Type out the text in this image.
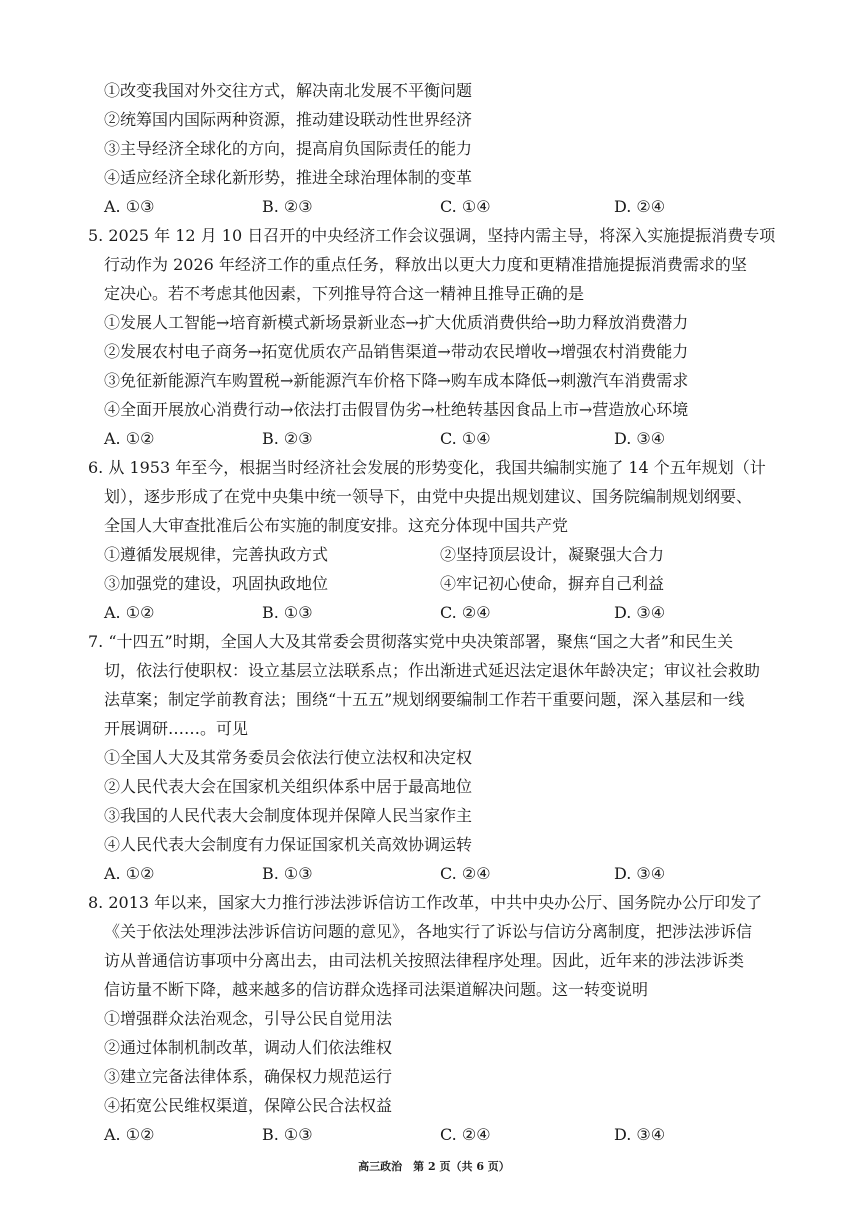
①改变我国对外交往方式，解决南北发展不平衡问题
②统筹国内国际两种资源，推动建设联动性世界经济
③主导经济全球化的方向，提高肩负国际责任的能力
④适应经济全球化新形势，推进全球治理体制的变革
A. ①③	B. ②③	C. ①④	D. ②④
5. 2025 年 12 月 10 日召开的中央经济工作会议强调，坚持内需主导，将深入实施提振消费专项
行动作为 2026 年经济工作的重点任务，释放出以更大力度和更精准措施提振消费需求的坚
定决心。若不考虑其他因素，下列推导符合这一精神且推导正确的是
①发展人工智能→培育新模式新场景新业态→扩大优质消费供给→助力释放消费潜力
②发展农村电子商务→拓宽优质农产品销售渠道→带动农民增收→增强农村消费能力
③免征新能源汽车购置税→新能源汽车价格下降→购车成本降低→刺激汽车消费需求
④全面开展放心消费行动→依法打击假冒伪劣→杜绝转基因食品上市→营造放心环境
A. ①②	B. ②③	C. ①④	D. ③④
6. 从 1953 年至今，根据当时经济社会发展的形势变化，我国共编制实施了 14 个五年规划（计
划），逐步形成了在党中央集中统一领导下，由党中央提出规划建议、国务院编制规划纲要、
全国人大审查批准后公布实施的制度安排。这充分体现中国共产党
①遵循发展规律，完善执政方式	②坚持顶层设计，凝聚强大合力
③加强党的建设，巩固执政地位	④牢记初心使命，摒弃自己利益
A. ①②	B. ①③	C. ②④	D. ③④
7. “十四五”时期，全国人大及其常委会贯彻落实党中央决策部署，聚焦“国之大者”和民生关
切，依法行使职权：设立基层立法联系点；作出渐进式延迟法定退休年龄决定；审议社会救助
法草案；制定学前教育法；围绕“十五五”规划纲要编制工作若干重要问题，深入基层和一线
开展调研……。可见
①全国人大及其常务委员会依法行使立法权和决定权
②人民代表大会在国家机关组织体系中居于最高地位
③我国的人民代表大会制度体现并保障人民当家作主
④人民代表大会制度有力保证国家机关高效协调运转
A. ①②	B. ①③	C. ②④	D. ③④
8. 2013 年以来，国家大力推行涉法涉诉信访工作改革，中共中央办公厅、国务院办公厅印发了
《关于依法处理涉法涉诉信访问题的意见》，各地实行了诉讼与信访分离制度，把涉法涉诉信
访从普通信访事项中分离出去，由司法机关按照法律程序处理。因此，近年来的涉法涉诉类
信访量不断下降，越来越多的信访群众选择司法渠道解决问题。这一转变说明
①增强群众法治观念，引导公民自觉用法
②通过体制机制改革，调动人们依法维权
③建立完备法律体系，确保权力规范运行
④拓宽公民维权渠道，保障公民合法权益
A. ①②	B. ①③	C. ②④	D. ③④
高三政治　第 2 页（共 6 页）
